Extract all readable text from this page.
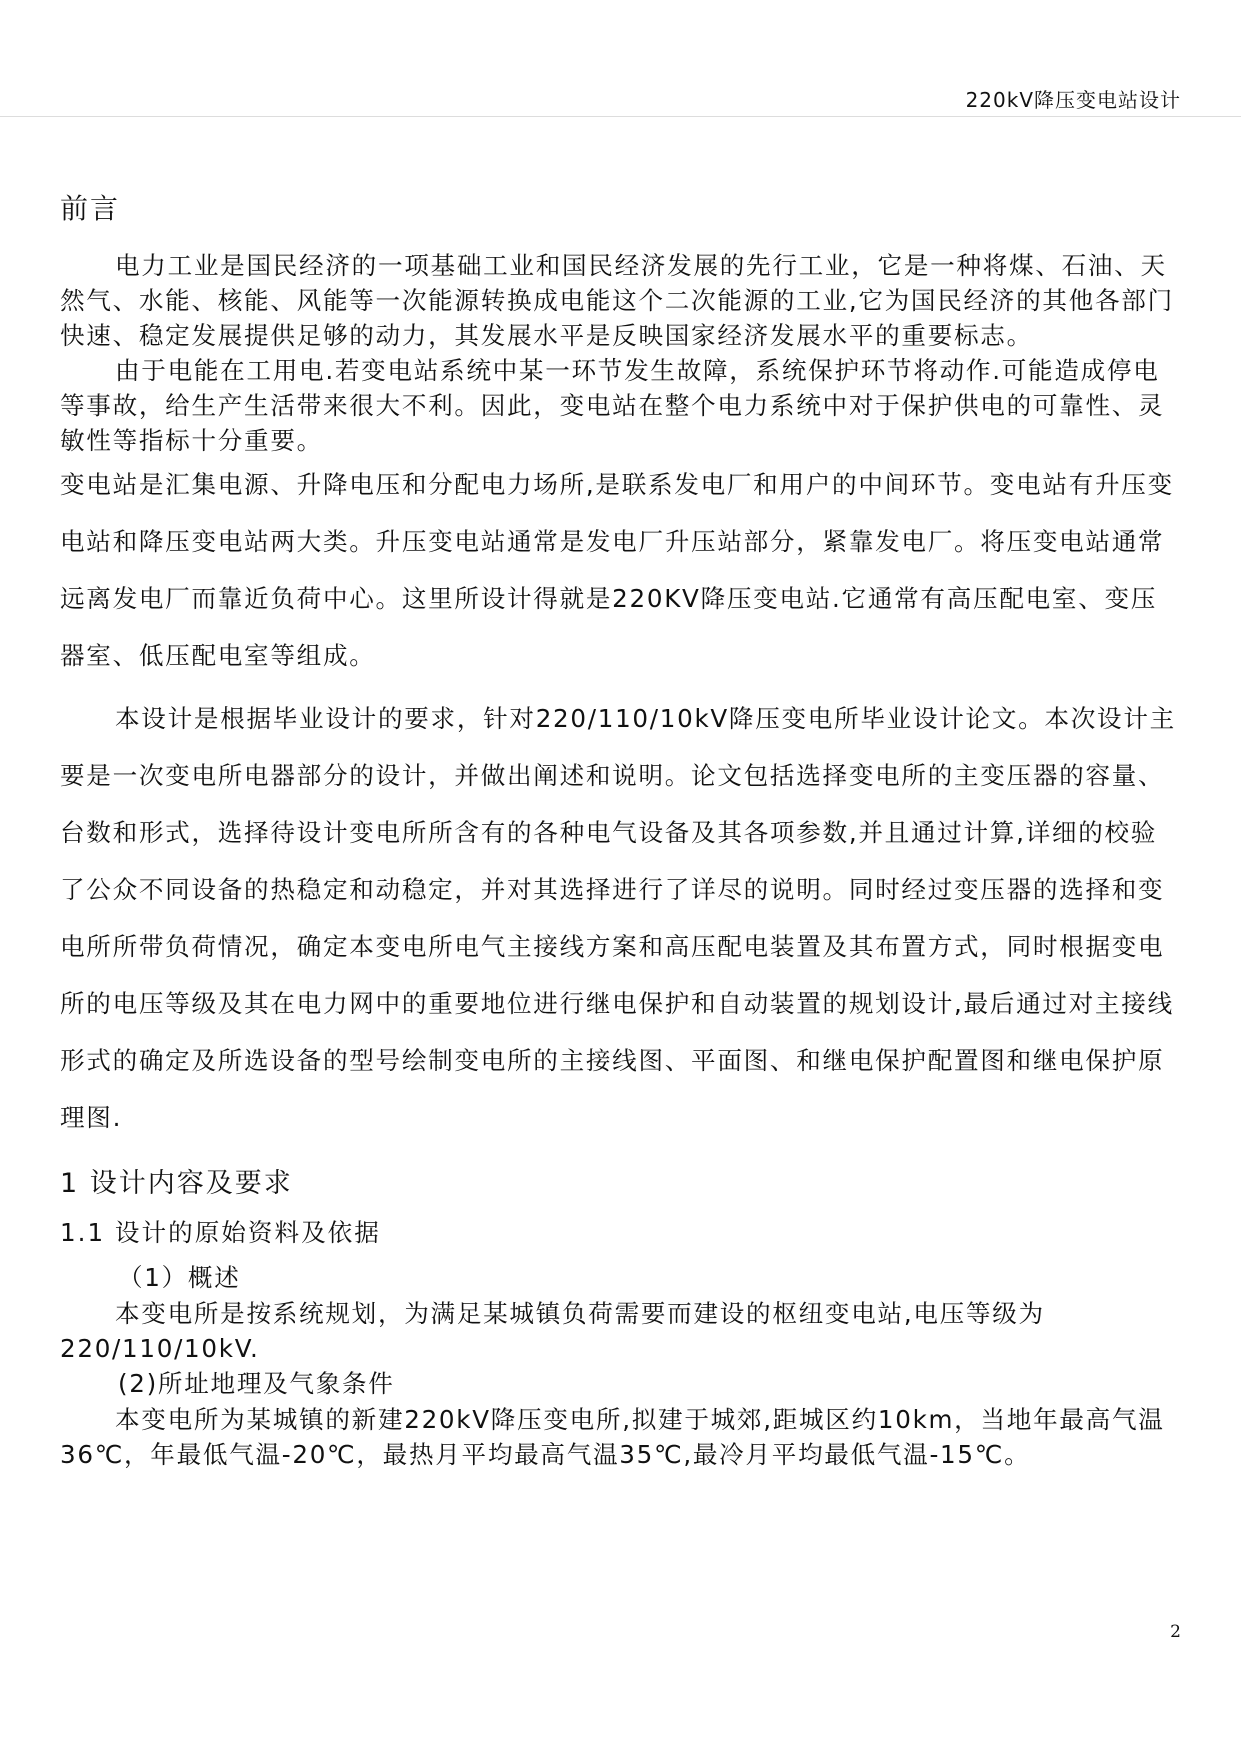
220kV降压变电站设计
前言

电力工业是国民经济的一项基础工业和国民经济发展的先行工业，它是一种将煤、石油、天然气、水能、核能、风能等一次能源转换成电能这个二次能源的工业,它为国民经济的其他各部门快速、稳定发展提供足够的动力，其发展水平是反映国家经济发展水平的重要标志。

由于电能在工用电.若变电站系统中某一环节发生故障，系统保护环节将动作.可能造成停电等事故，给生产生活带来很大不利。因此，变电站在整个电力系统中对于保护供电的可靠性、灵敏性等指标十分重要。

变电站是汇集电源、升降电压和分配电力场所,是联系发电厂和用户的中间环节。变电站有升压变电站和降压变电站两大类。升压变电站通常是发电厂升压站部分，紧靠发电厂。将压变电站通常远离发电厂而靠近负荷中心。这里所设计得就是220KV降压变电站.它通常有高压配电室、变压器室、低压配电室等组成。

本设计是根据毕业设计的要求，针对220/110/10kV降压变电所毕业设计论文。本次设计主要是一次变电所电器部分的设计，并做出阐述和说明。论文包括选择变电所的主变压器的容量、台数和形式，选择待设计变电所所含有的各种电气设备及其各项参数,并且通过计算,详细的校验了公众不同设备的热稳定和动稳定，并对其选择进行了详尽的说明。同时经过变压器的选择和变电所所带负荷情况，确定本变电所电气主接线方案和高压配电装置及其布置方式，同时根据变电所的电压等级及其在电力网中的重要地位进行继电保护和自动装置的规划设计,最后通过对主接线形式的确定及所选设备的型号绘制变电所的主接线图、平面图、和继电保护配置图和继电保护原理图.

1 设计内容及要求
1.1 设计的原始资料及依据

（1）概述

本变电所是按系统规划，为满足某城镇负荷需要而建设的枢纽变电站,电压等级为220/110/10kV.

(2)所址地理及气象条件

本变电所为某城镇的新建220kV降压变电所,拟建于城郊,距城区约10km，当地年最高气温36℃，年最低气温-20℃，最热月平均最高气温35℃,最冷月平均最低气温-15℃。

2
